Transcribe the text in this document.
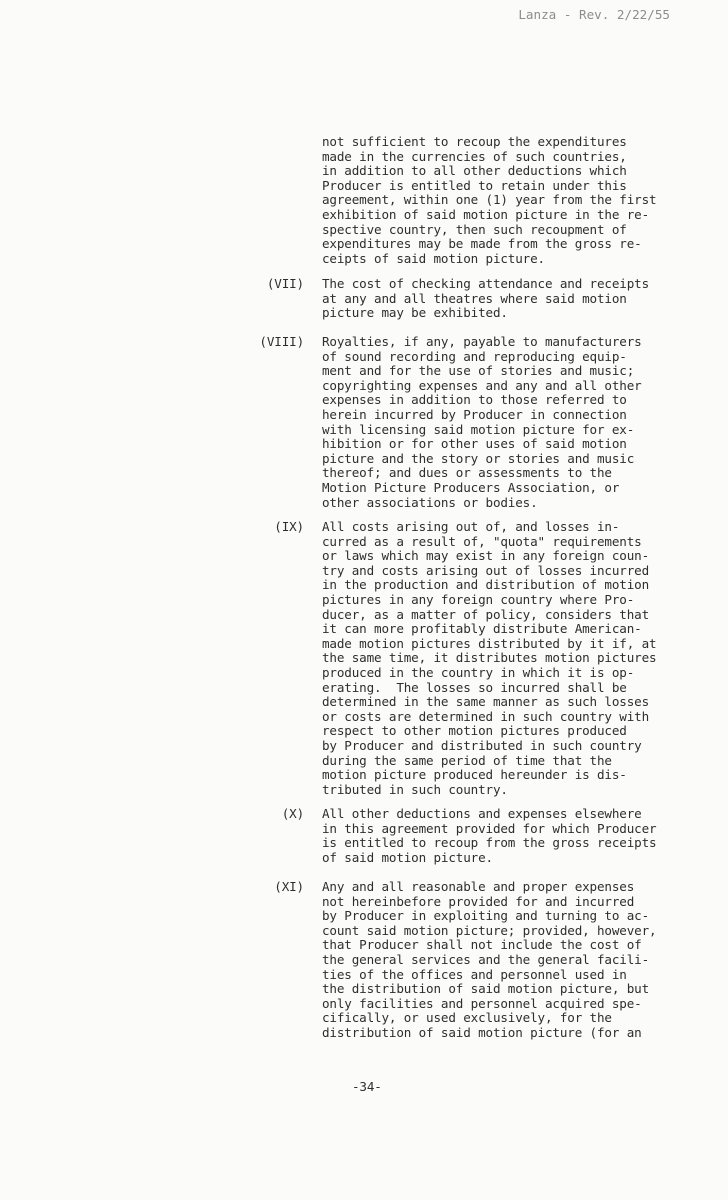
Lanza - Rev. 2/22/55

not sufficient to recoup the expenditures
made in the currencies of such countries,
in addition to all other deductions which
Producer is entitled to retain under this
agreement, within one (1) year from the first
exhibition of said motion picture in the re-
spective country, then such recoupment of
expenditures may be made from the gross re-
ceipts of said motion picture.

(VII) The cost of checking attendance and receipts
at any and all theatres where said motion
picture may be exhibited.

(VIII) Royalties, if any, payable to manufacturers
of sound recording and reproducing equip-
ment and for the use of stories and music;
copyrighting expenses and any and all other
expenses in addition to those referred to
herein incurred by Producer in connection
with licensing said motion picture for ex-
hibition or for other uses of said motion
picture and the story or stories and music
thereof; and dues or assessments to the
Motion Picture Producers Association, or
other associations or bodies.

(IX) All costs arising out of, and losses in-
curred as a result of, "quota" requirements
or laws which may exist in any foreign coun-
try and costs arising out of losses incurred
in the production and distribution of motion
pictures in any foreign country where Pro-
ducer, as a matter of policy, considers that
it can more profitably distribute American-
made motion pictures distributed by it if, at
the same time, it distributes motion pictures
produced in the country in which it is op-
erating.  The losses so incurred shall be
determined in the same manner as such losses
or costs are determined in such country with
respect to other motion pictures produced
by Producer and distributed in such country
during the same period of time that the
motion picture produced hereunder is dis-
tributed in such country.

(X) All other deductions and expenses elsewhere
in this agreement provided for which Producer
is entitled to recoup from the gross receipts
of said motion picture.

(XI) Any and all reasonable and proper expenses
not hereinbefore provided for and incurred
by Producer in exploiting and turning to ac-
count said motion picture; provided, however,
that Producer shall not include the cost of
the general services and the general facili-
ties of the offices and personnel used in
the distribution of said motion picture, but
only facilities and personnel acquired spe-
cifically, or used exclusively, for the
distribution of said motion picture (for an

-34-
